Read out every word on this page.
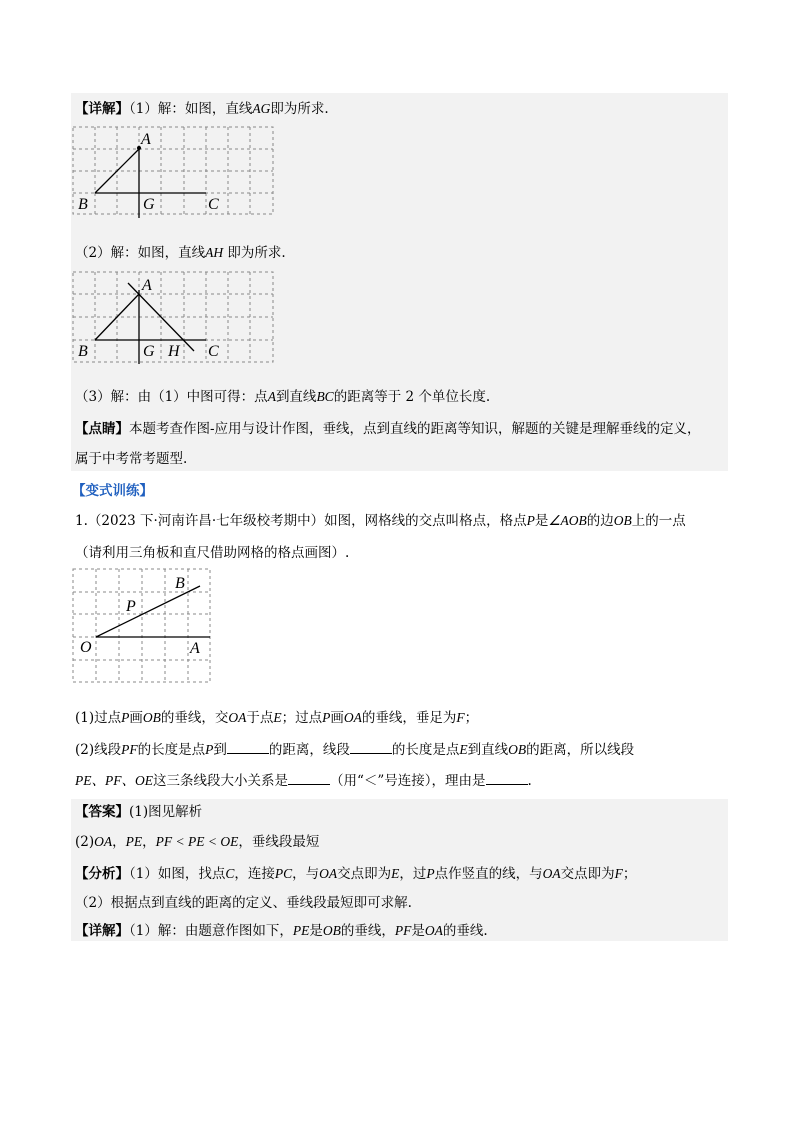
【详解】（1）解：如图，直线AG即为所求.
A
B	G	C
（2）解：如图，直线AH 即为所求.
A
B	G H C
（3）解：由（1）中图可得：点A到直线BC的距离等于 2 个单位长度.
【点睛】本题考查作图-应用与设计作图，垂线，点到直线的距离等知识，解题的关键是理解垂线的定义，
属于中考常考题型.
【变式训练】
1.（2023 下·河南许昌·七年级校考期中）如图，网格线的交点叫格点，格点P是∠AOB的边OB上的一点
（请利用三角板和直尺借助网格的格点画图）.
O	A
B
P
(1)过点P画OB的垂线，交OA于点E；过点P画OA的垂线，垂足为F；
(2)线段PF的长度是点P到	的距离，线段	的长度是点E到直线OB的距离，所以线段
PE、PF、OE这三条线段大小关系是	（用“＜”号连接），理由是	.
【答案】(1)图见解析
(2)OA，PE，PF < PE < OE，垂线段最短
【分析】（1）如图，找点C，连接PC，与OA交点即为E，过P点作竖直的线，与OA交点即为F；
（2）根据点到直线的距离的定义、垂线段最短即可求解.
【详解】（1）解：由题意作图如下，PE是OB的垂线，PF是OA的垂线.
